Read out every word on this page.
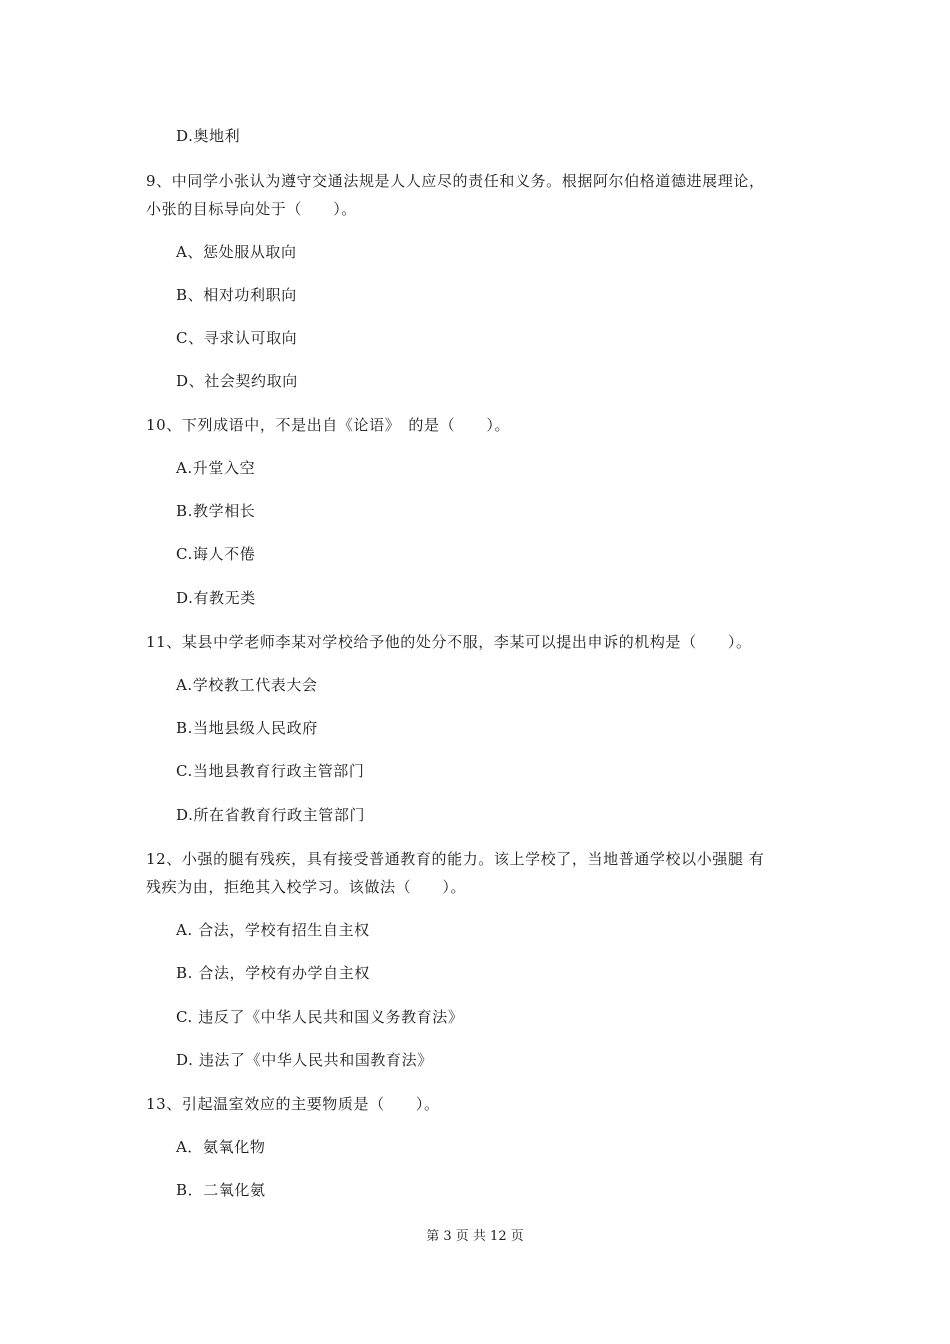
D.奥地利
9、中同学小张认为遵守交通法规是人人应尽的责任和义务。根据阿尔伯格道德进展理论，
小张的目标导向处于（　　）。
A、惩处服从取向
B、相对功利职向
C、寻求认可取向
D、社会契约取向
10、下列成语中，不是出自《论语》　的是（　　）。
A.升堂入空
B.教学相长
C.诲人不倦
D.有教无类
11、某县中学老师李某对学校给予他的处分不服，李某可以提出申诉的机构是（　　）。
A.学校教工代表大会
B.当地县级人民政府
C.当地县教育行政主管部门
D.所在省教育行政主管部门
12、小强的腿有残疾，具有接受普通教育的能力。该上学校了，当地普通学校以小强腿 有
残疾为由，拒绝其入校学习。该做法（　　）。
A. 合法，学校有招生自主权
B. 合法，学校有办学自主权
C. 违反了《中华人民共和国义务教育法》
D. 违法了《中华人民共和国教育法》
13、引起温室效应的主要物质是（　　）。
A．氨氧化物
B．二氧化氨
第 3 页 共 12 页
